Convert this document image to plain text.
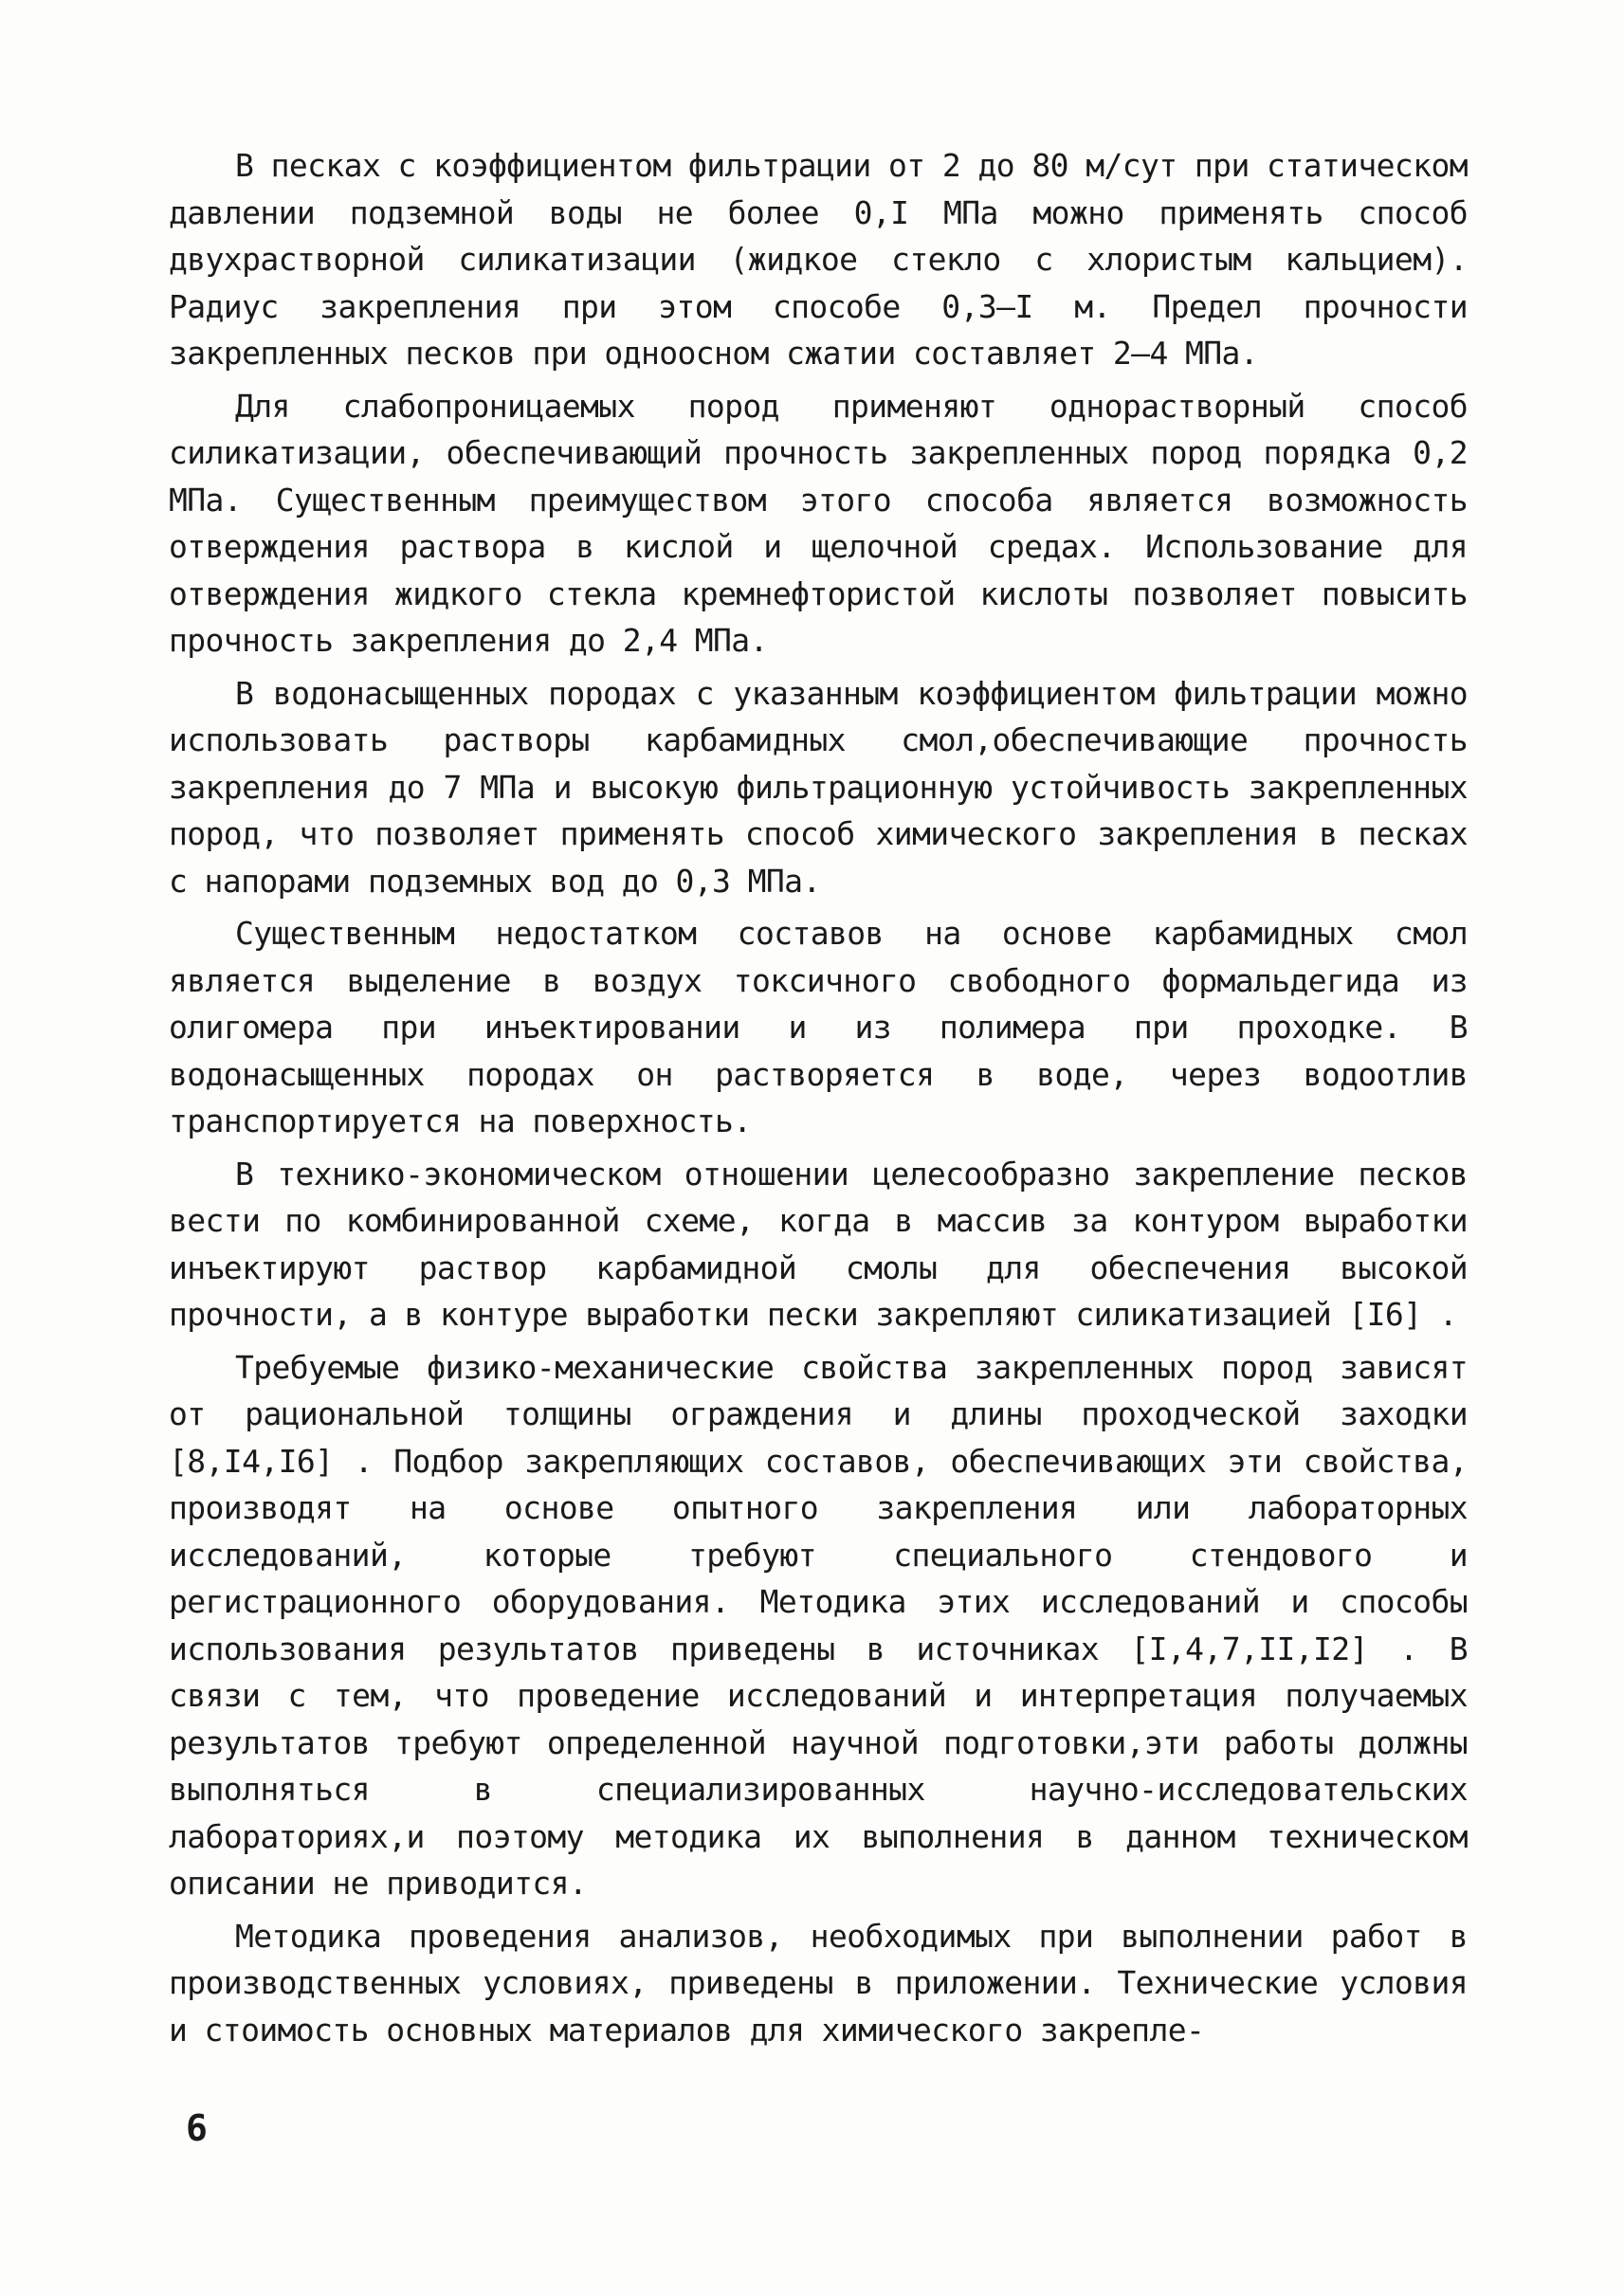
В песках с коэффициентом фильтрации от 2 до 80 м/сут при статическом давлении подземной воды не более 0,I МПа можно применять способ двухрастворной силикатизации (жидкое стекло с хлористым кальцием). Радиус закрепления при этом способе 0,3–I м. Предел прочности закрепленных песков при одноосном сжатии составляет 2–4 МПа.

Для слабопроницаемых пород применяют однорастворный способ силикатизации, обеспечивающий прочность закрепленных пород порядка 0,2 МПа. Существенным преимуществом этого способа является возможность отверждения раствора в кислой и щелочной средах. Использование для отверждения жидкого стекла кремнефтористой кислоты позволяет повысить прочность закрепления до 2,4 МПа.

В водонасыщенных породах с указанным коэффициентом фильтрации можно использовать растворы карбамидных смол,обеспечивающие прочность закрепления до 7 МПа и высокую фильтрационную устойчивость закрепленных пород, что позволяет применять способ химического закрепления в песках с напорами подземных вод до 0,3 МПа.

Существенным недостатком составов на основе карбамидных смол является выделение в воздух токсичного свободного формальдегида из олигомера при инъектировании и из полимера при проходке. В водонасыщенных породах он растворяется в воде, через водоотлив транспортируется на поверхность.

В технико-экономическом отношении целесообразно закрепление песков вести по комбинированной схеме, когда в массив за контуром выработки инъектируют раствор карбамидной смолы для обеспечения высокой прочности, а в контуре выработки пески закрепляют силикатизацией [I6] .

Требуемые физико-механические свойства закрепленных пород зависят от рациональной толщины ограждения и длины проходческой заходки [8,I4,I6] . Подбор закрепляющих составов, обеспечивающих эти свойства, производят на основе опытного закрепления или лабораторных исследований, которые требуют специального стендового и регистрационного оборудования. Методика этих исследований и способы использования результатов приведены в источниках [I,4,7,II,I2] . В связи с тем, что проведение исследований и интерпретация получаемых результатов требуют определенной научной подготовки,эти работы должны выполняться в специализированных научно-исследовательских лабораториях,и поэтому методика их выполнения в данном техническом описании не приводится.

Методика проведения анализов, необходимых при выполнении работ в производственных условиях, приведены в приложении. Технические условия и стоимость основных материалов для химического закрепле-

6
